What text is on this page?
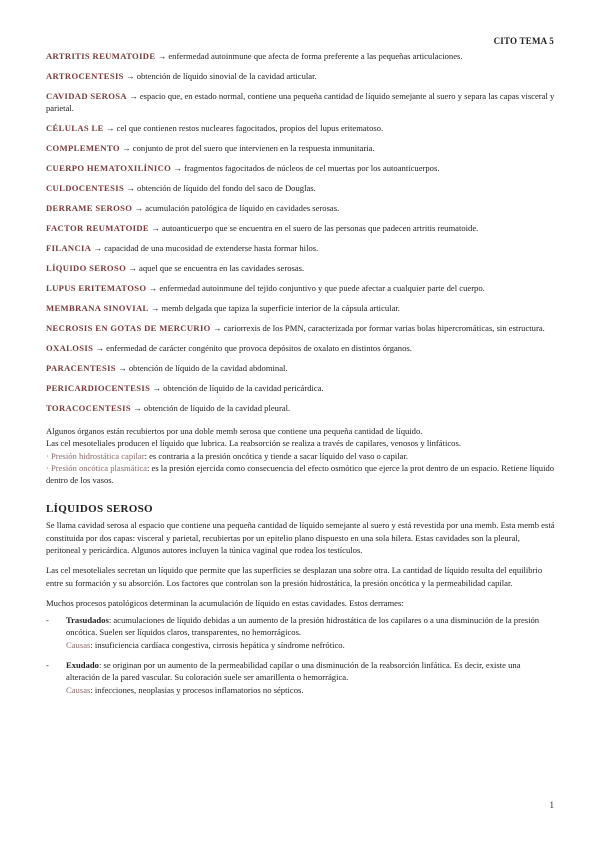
CITO TEMA 5

ARTRITIS REUMATOIDE → enfermedad autoinmune que afecta de forma preferente a las pequeñas articulaciones.

ARTROCENTESIS → obtención de líquido sinovial de la cavidad articular.

CAVIDAD SEROSA → espacio que, en estado normal, contiene una pequeña cantidad de líquido semejante al suero y separa las capas visceral y parietal.

CÉLULAS LE → cel que contienen restos nucleares fagocitados, propios del lupus eritematoso.

COMPLEMENTO → conjunto de prot del suero que intervienen en la respuesta inmunitaria.

CUERPO HEMATOXILÍNICO → fragmentos fagocitados de núcleos de cel muertas por los autoanticuerpos.

CULDOCENTESIS → obtención de líquido del fondo del saco de Douglas.

DERRAME SEROSO → acumulación patológica de líquido en cavidades serosas.

FACTOR REUMATOIDE → autoanticuerpo que se encuentra en el suero de las personas que padecen artritis reumatoide.

FILANCIA → capacidad de una mucosidad de extenderse hasta formar hilos.

LÍQUIDO SEROSO → aquel que se encuentra en las cavidades serosas.

LUPUS ERITEMATOSO → enfermedad autoinmune del tejido conjuntivo y que puede afectar a cualquier parte del cuerpo.

MEMBRANA SINOVIAL → memb delgada que tapiza la superficie interior de la cápsula articular.

NECROSIS EN GOTAS DE MERCURIO → cariorrexis de los PMN, caracterizada por formar varias bolas hipercromáticas, sin estructura.

OXALOSIS → enfermedad de carácter congénito que provoca depósitos de oxalato en distintos órganos.

PARACENTESIS → obtención de líquido de la cavidad abdominal.

PERICARDIOCENTESIS → obtención de líquido de la cavidad pericárdica.

TORACOCENTESIS → obtención de líquido de la cavidad pleural.

Algunos órganos están recubiertos por una doble memb serosa que contiene una pequeña cantidad de líquido.

Las cel mesoteliales producen el líquido que lubrica. La reabsorción se realiza a través de capilares, venosos y linfáticos.

· Presión hidrostática capilar: es contraria a la presión oncótica y tiende a sacar líquido del vaso o capilar.

· Presión oncótica plasmática: es la presión ejercida como consecuencia del efecto osmótico que ejerce la prot dentro de un espacio. Retiene líquido dentro de los vasos.

LÍQUIDOS SEROSO

Se llama cavidad serosa al espacio que contiene una pequeña cantidad de líquido semejante al suero y está revestida por una memb. Esta memb está constituida por dos capas: visceral y parietal, recubiertas por un epitelio plano dispuesto en una sola hilera. Estas cavidades son la pleural, peritoneal y pericárdica. Algunos autores incluyen la túnica vaginal que rodea los testículos.

Las cel mesoteliales secretan un líquido que permite que las superficies se desplazan una sobre otra. La cantidad de líquido resulta del equilibrio entre su formación y su absorción. Los factores que controlan son la presión hidrostática, la presión oncótica y la permeabilidad capilar.

Muchos procesos patológicos determinan la acumulación de líquido en estas cavidades. Estos derrames:

- Trasudados: acumulaciones de líquido debidas a un aumento de la presión hidrostática de los capilares o a una disminución de la presión oncótica. Suelen ser líquidos claros, transparentes, no hemorrágicos.
Causas: insuficiencia cardíaca congestiva, cirrosis hepática y síndrome nefrótico.
- Exudado: se originan por un aumento de la permeabilidad capilar o una disminución de la reabsorción linfática. Es decir, existe una alteración de la pared vascular. Su coloración suele ser amarillenta o hemorrágica.
Causas: infecciones, neoplasias y procesos inflamatorios no sépticos.
1
